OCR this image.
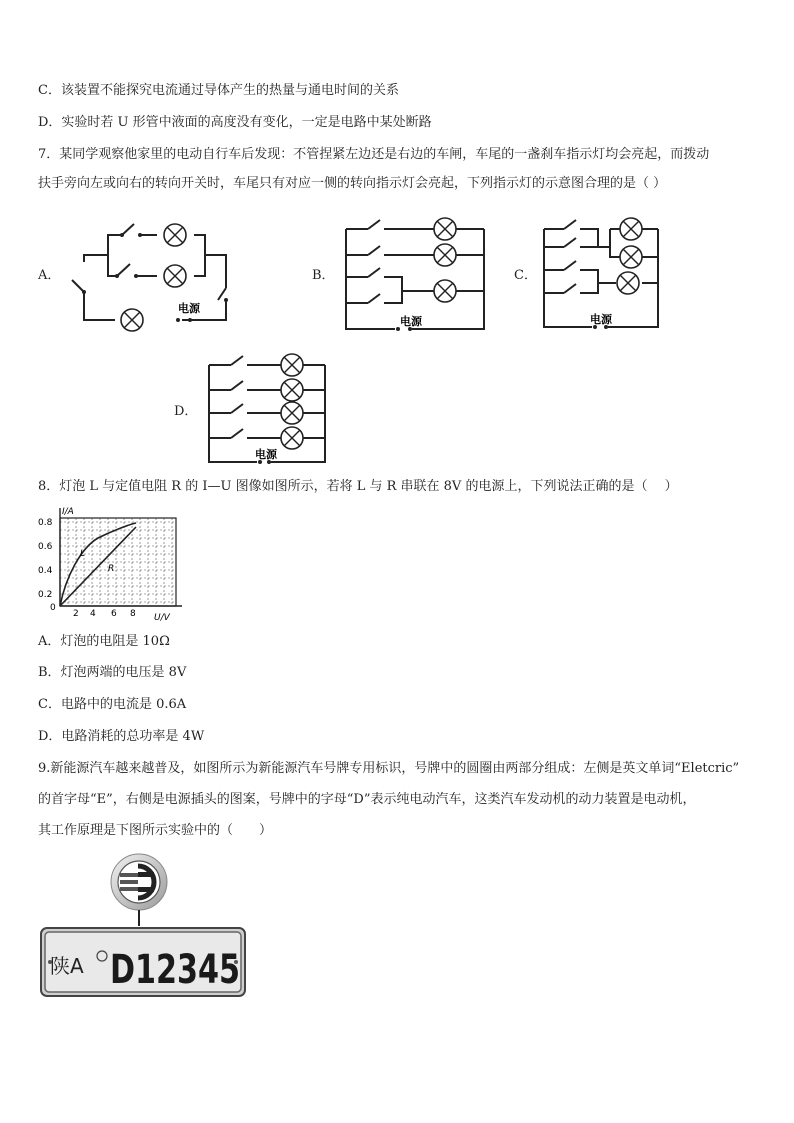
C．该装置不能探究电流通过导体产生的热量与通电时间的关系
D．实验时若 U 形管中液面的高度没有变化，一定是电路中某处断路
7．某同学观察他家里的电动自行车后发现：不管捏紧左边还是右边的车闸，车尾的一盏刹车指示灯均会亮起，而拨动
扶手旁向左或向右的转向开关时，车尾只有对应一侧的转向指示灯会亮起，下列指示灯的示意图合理的是（ ）
A．	B．	C．
D．
电源
电源	电源
电源
8．灯泡 L 与定值电阻 R 的 I—U 图像如图所示，若将 L 与 R 串联在 8V 的电源上，下列说法正确的是（　 ）
L
R
I/A
U/V
0.8
0.6
0.4
0.2
0
2 4 6 8
A．灯泡的电阻是 10Ω
B．灯泡两端的电压是 8V
C．电路中的电流是 0.6A
D．电路消耗的总功率是 4W
9.新能源汽车越来越普及，如图所示为新能源汽车号牌专用标识，号牌中的圆圈由两部分组成：左侧是英文单词“Eletcric”
的首字母“E”，右侧是电源插头的图案，号牌中的字母“D”表示纯电动汽车，这类汽车发动机的动力装置是电动机，
其工作原理是下图所示实验中的（　　）
陕A D12345
